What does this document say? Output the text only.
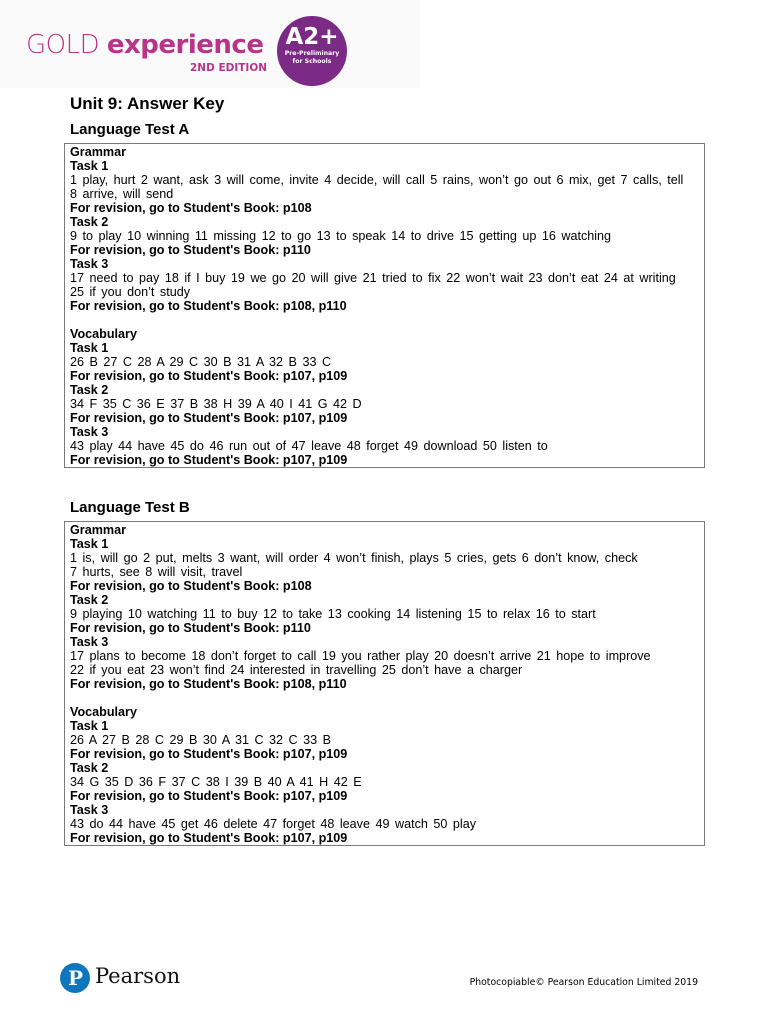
GOLD experience
2ND EDITION
A2+
Pre-Preliminary for Schools
Unit 9: Answer Key
Language Test A
Grammar
Task 1
1 play, hurt 2 want, ask 3 will come, invite 4 decide, will call 5 rains, won’t go out 6 mix, get 7 calls, tell
8 arrive, will send
For revision, go to Student's Book: p108
Task 2
9 to play 10 winning 11 missing 12 to go 13 to speak 14 to drive 15 getting up 16 watching
For revision, go to Student's Book: p110
Task 3
17 need to pay 18 if I buy 19 we go 20 will give 21 tried to fix 22 won’t wait 23 don’t eat 24 at writing
25 if you don’t study
For revision, go to Student's Book: p108, p110
Vocabulary
Task 1
26 B 27 C 28 A 29 C 30 B 31 A 32 B 33 C
For revision, go to Student's Book: p107, p109
Task 2
34 F 35 C 36 E 37 B 38 H 39 A 40 I 41 G 42 D
For revision, go to Student's Book: p107, p109
Task 3
43 play 44 have 45 do 46 run out of 47 leave 48 forget 49 download 50 listen to
For revision, go to Student's Book: p107, p109
Language Test B
Grammar
Task 1
1 is, will go 2 put, melts 3 want, will order 4 won’t finish, plays 5 cries, gets 6 don’t know, check
7 hurts, see 8 will visit, travel
For revision, go to Student's Book: p108
Task 2
9 playing 10 watching 11 to buy 12 to take 13 cooking 14 listening 15 to relax 16 to start
For revision, go to Student's Book: p110
Task 3
17 plans to become 18 don’t forget to call 19 you rather play 20 doesn’t arrive 21 hope to improve
22 if you eat 23 won’t find 24 interested in travelling 25 don’t have a charger
For revision, go to Student's Book: p108, p110
Vocabulary
Task 1
26 A 27 B 28 C 29 B 30 A 31 C 32 C 33 B
For revision, go to Student's Book: p107, p109
Task 2
34 G 35 D 36 F 37 C 38 I 39 B 40 A 41 H 42 E
For revision, go to Student's Book: p107, p109
Task 3
43 do 44 have 45 get 46 delete 47 forget 48 leave 49 watch 50 play
For revision, go to Student's Book: p107, p109
P
Pearson	Photocopiable© Pearson Education Limited 2019
